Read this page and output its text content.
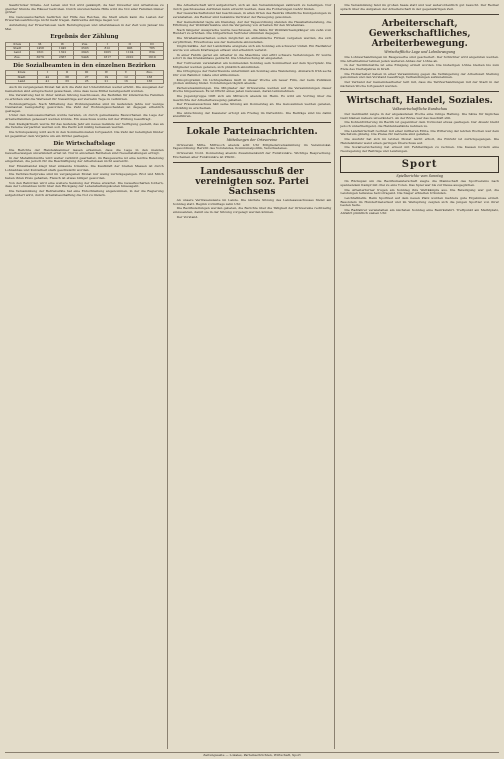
Saarbrücker Straße. Auf Leben und Tod wird gekämpft, da hier Unwetter und Arbeitslose zu gleicher Stunde die Häuser bedrohen. Durch unzureichende Hilfe wird die Not aller Familien immer größer.

Die Genossenschaften bedürfen der Hilfe des Reiches, die Stadt allein kann die Lasten der Erwerbslosenfürsorge nicht mehr tragen. Zahlreiche Anträge liegen vor.

Aufstellung der Erwerbslosen nach Berufsgruppen und Altersklassen in der Zeit vom Januar bis Mai.

Ergebnis der Zählung
Kreis	M.	W.	Zus.	I	II	III
Stadt	1458	1045	2503	812	906	785
Land	1621	1322	2943	1005	1104	834
Zus.	3079	2367	5446	1817	2010	1619
Die Sozialbeamten in den einzelnen Bezirken
Kreis	I	II	III	IV	V	Zus.
Stadt	42	38	27	19	12	138
Land	41	33	25	21	16	136

Auch im vergangenen Monat hat sich die Zahl der Unterstützten weiter erhöht. Die Ausgaben der Gemeinden sind entsprechend gewachsen, ohne dass neue Mittel bereitgestellt wurden.

Die Verwaltung hat in ihrer letzten Sitzung beschlossen, die Beihilfen für kinderreiche Familien zu erhöhen und die Wartezeit für Neuanträge auf vierzehn Tage zu verkürzen.

Wohnungsfragen. Nach Mitteilung des Wohnungsamtes sind im laufenden Jahre nur wenige Neubauten bezugsfertig geworden. Die Zahl der Wohnungssuchenden ist dagegen erheblich gestiegen.

Unter den Genossenschaften wurde beraten, ob durch gemeinsame Bauvorhaben die Lage der Arbeiterfamilien gebessert werden könnte. Ein Ausschuss wurde mit der Prüfung beauftragt.

Den Kleingärtnern wurde für das laufende Jahr ein neues Gelände zur Verfügung gestellt, das an die Vereine verpachtet werden soll. Die Pacht soll mäßig bemessen werden.

Die Schulspeisung wird auch in den Sommermonaten fortgesetzt. Die Zahl der beteiligten Kinder ist gegenüber dem Vorjahre um ein Drittel gestiegen.

Die Wirtschaftslage

Die Berichte der Handelskammer lassen erkennen, dass die Lage in den meisten Gewerbezweigen unverändert ernst ist. Nur in einzelnen Betrieben sind Neueinstellungen erfolgt.

In der Metallindustrie wird weiter verkürzt gearbeitet, im Baugewerbe ist eine leichte Belebung eingetreten, die jedoch für die Beschäftigung der Arbeitslosen nicht ausreicht.

Der Einzelhandel klagt über sinkende Umsätze. Die Kaufkraft der breiten Massen ist durch Lohnabbau und Kurzarbeit stark geschwächt worden.

Die Verbraucherpreise sind im vergangenen Monat nur wenig zurückgegangen. Brot und Milch haben ihren Preis gehalten, Fleisch ist etwas billiger geworden.

Von den Behörden wird eine weitere Senkung der Preise erwartet. Die Gewerkschaften fordern, dass der Lohnabbau nicht über den Rückgang der Lebenshaltungskosten hinausgeht.

Die Versammlung der Betriebsräte hat eine Entschließung angenommen, in der die Regierung aufgefordert wird, durch Arbeitsbeschaffung die Not zu lindern.

Die Arbeiterschaft wird aufgefordert, sich an den Versammlungen zahlreich zu beteiligen. Nur durch geschlossenes Auftreten kann erreicht werden, dass die Forderungen Gehör finden.

Der Gewerkschaftsbund hat beschlossen, in allen Orten des Bezirks öffentliche Kundgebungen zu veranstalten. Als Redner sind bekannte Vertreter der Bewegung gewonnen.

Der Gemeinderat tagte am Dienstag. Auf der Tagesordnung standen die Haushaltsberatung, die Erhöhung der Wohlfahrtssätze und die Vergebung von Arbeiten für den Straßenbau.

Nach längerer Aussprache wurde beschlossen, die Sätze für Wohlfahrtsempfänger um zehn vom Hundert zu erhöhen. Die bürgerlichen Vertreter stimmten dagegen.

Die Straßenbauarbeiten sollen möglichst an einheimische Firmen vergeben werden, die sich verpflichten, Erwerbslose aus der Gemeinde einzustellen.

Unglücksfälle. Auf der Landstraße ereignete sich am Sonntag ein schwerer Unfall. Ein Radfahrer wurde von einem Kraftwagen erfasst und erheblich verletzt.

In einer Fabrik geriet ein Arbeiter in die Maschine und erlitt schwere Verletzungen. Er wurde sofort in das Krankenhaus gebracht. Die Untersuchung ist eingeleitet.

Der Turnverein veranstaltet am kommenden Sonntag sein Sommerfest auf dem Sportplatz. Die Mitglieder werden gebeten, sich pünktlich einzufinden.

Die Ortsgruppe der Naturfreunde unternimmt am Sonntag eine Wanderung. Abmarsch früh sechs Uhr vom Bahnhof. Gäste sind willkommen.

Kinoprogramm. Im Lichtspielhaus läuft in dieser Woche ein neuer Film, der beim Publikum großen Anklang findet. Vorstellungen täglich abends.

Parteiversammlungen. Die Mitglieder der Ortsvereine werden auf die Versammlungen dieser Woche hingewiesen. Es ist Pflicht eines jeden Genossen, daran teilzunehmen.

Die Jugendgruppe trifft sich am Mittwoch abends im Heim. Es wird ein Vortrag über die Geschichte der Arbeiterbewegung gehalten.

Der Frauenausschuss hält seine Sitzung am Donnerstag ab. Die Genossinnen werden gebeten, vollzählig zu erscheinen.

Die Abrechnung der Kassierer erfolgt am Freitag im Parteibüro. Die Beiträge sind bis dahin abzuführen.

Lokale Parteinachrichten.
Mitteilungen der Ortsvereine

Ortsverein Mitte. Mittwoch abends acht Uhr Mitgliederversammlung im Vereinslokal. Tagesordnung: Bericht des Vorstandes, Kommunalpolitik, Verschiedenes.

Ortsverein Nord. Donnerstag abends Zusammenkunft der Funktionäre. Wichtige Besprechung. Erscheinen aller Funktionäre ist Pflicht.

Landesausschuß der vereinigten soz. Partei Sachsens

An unsere Vertrauensleute im Lande. Die nächste Sitzung des Landesausschusses findet am Sonntag statt. Beginn vormittags zehn Uhr.

Die Bezirksleitungen werden gebeten, die Berichte über die Tätigkeit der Ortsvereine rechtzeitig einzusenden, damit sie in der Sitzung vorgelegt werden können.

Der Vorstand.

Die Versammlung fand im großen Saale statt und war außerordentlich gut besucht. Der Redner sprach über die Aufgaben der Arbeiterschaft in der gegenwärtigen Zeit.

Arbeiterschaft, Gewerkschaftliches, Arbeiterbewegung.
Wirtschaftliche Lage und Lohnbewegung

Die Lohnverhandlungen im Baugewerbe sind gescheitert. Der Schlichter wird angerufen werden. Die Arbeitnehmer lehnen jeden weiteren Abbau der Löhne ab.

In der Textilindustrie ist eine Einigung erzielt worden. Die bisherigen Löhne bleiben bis zum Ende des Vierteljahres in Kraft.

Die Holzarbeiter haben in einer Versammlung gegen die Verlängerung der Arbeitszeit Stellung genommen und den Vorstand beauftragt, Verhandlungen aufzunehmen.

Der Verband der Gemeindearbeiter teilt mit, dass die Tarifverhandlungen mit der Stadt in der nächsten Woche fortgesetzt werden.

Wirtschaft, Handel, Soziales.
Volkswirtschaftliche Rundschau

Der Geldmarkt zeigte in der abgelaufenen Woche eine ruhige Haltung. Die Sätze für tägliches Geld blieben nahezu unverändert. An der Börse war das Geschäft still.

Die Kohlenförderung im Bezirk ist gegenüber dem Vormonat etwas gestiegen. Der Absatz bleibt jedoch unbefriedigend, die Haldenbestände nehmen zu.

Die Landwirtschaft rechnet mit einer mittleren Ernte. Die Witterung der letzten Wochen war dem Wachstum günstig. Die Preise für Getreide sind gefallen.

Die Ausfuhr hat sich im letzten Monat leicht erholt, die Einfuhr ist zurückgegangen. Die Handelsbilanz weist einen geringen Überschuss auf.

Die Sozialversicherung hat erneut mit Fehlbeträgen zu rechnen. Die Kassen fordern eine Neuregelung der Beiträge und Leistungen.

Sport
Spielberichte vom Sonntag

Im Rückspiel um die Bezirksmeisterschaft siegte die Mannschaft des Sportvereins nach spannendem Kampf mit drei zu eins Toren. Das Spiel war bis zur Pause ausgeglichen.

Die Arbeiterturner trugen am Sonntag ihre Wettkämpfe aus. Die Beteiligung war gut, die Leistungen teilweise hervorragend. Die Sieger erhielten Urkunden.

Leichtathletik. Beim Sportfest auf dem neuen Platz wurden mehrere gute Ergebnisse erzielt. Besonders im Hundertmeterlauf und im Weitsprung zeigten sich die jungen Sportler von ihrer besten Seite.

Die Radfahrer veranstalten am nächsten Sonntag eine Bezirksfahrt. Treffpunkt am Marktplatz, Abfahrt pünktlich sieben Uhr.

Zeitungsseite — Lokales, Parteinachrichten, Wirtschaft, Sport
